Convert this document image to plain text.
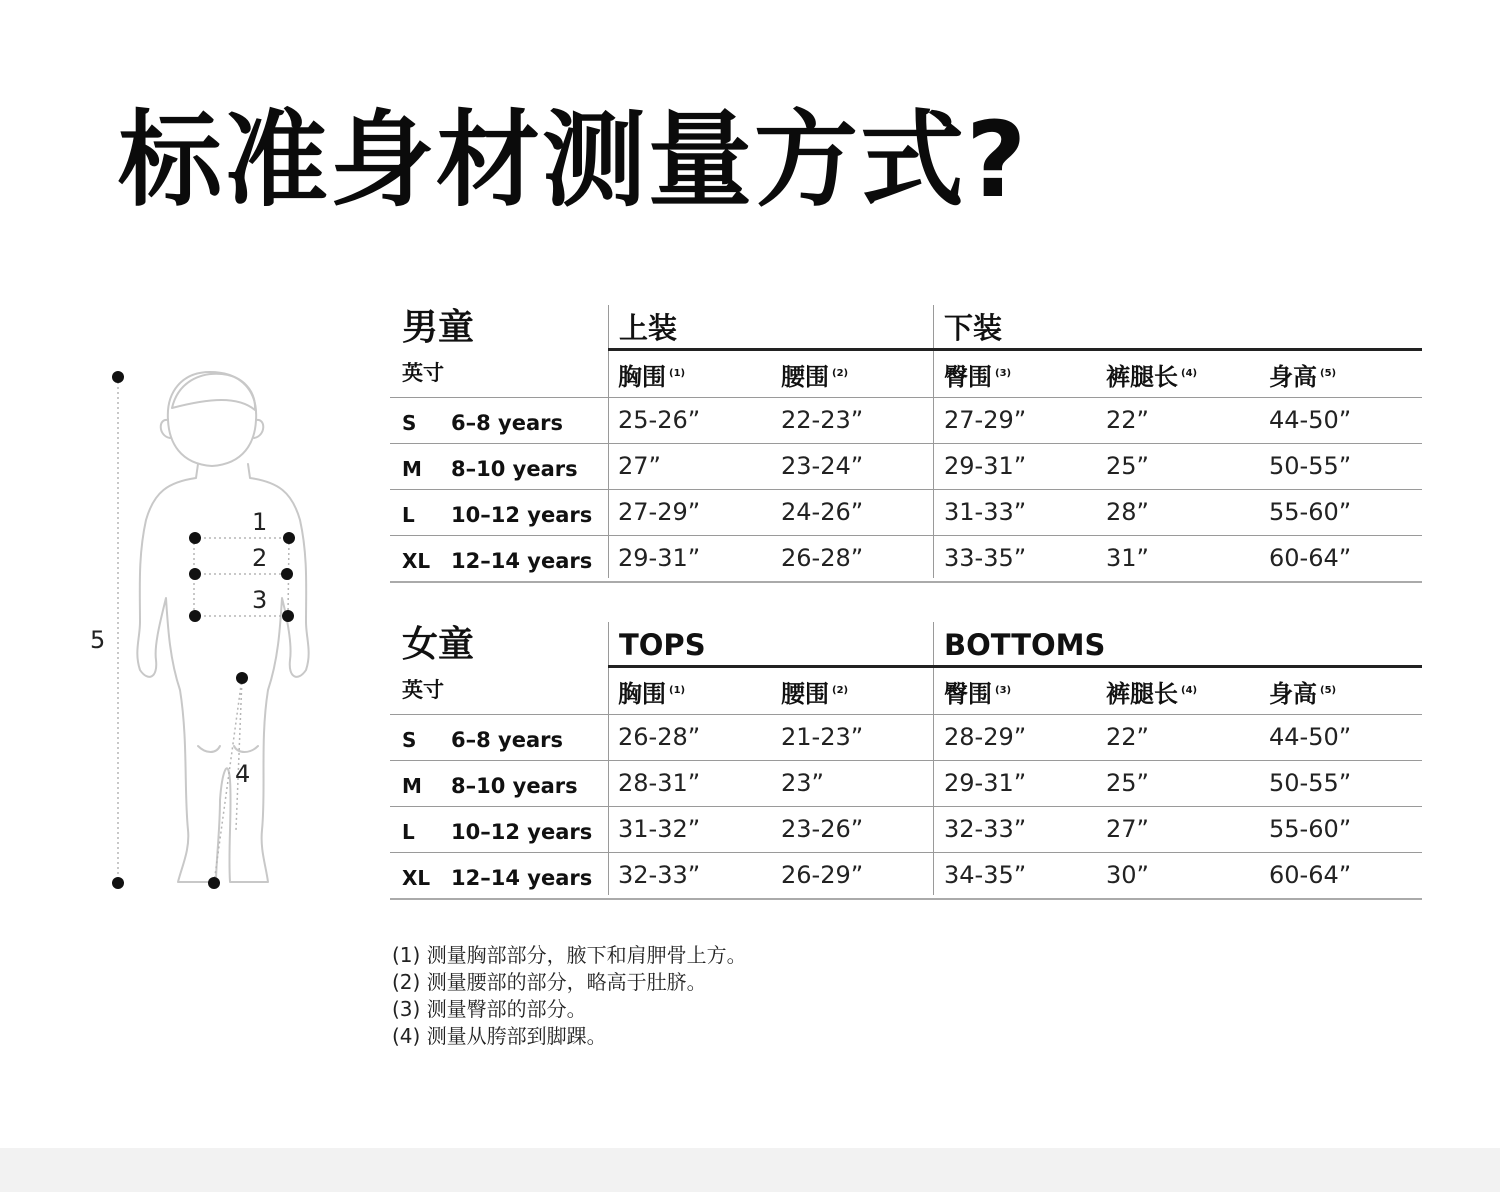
标准身材测量方式?
1
2
3
4
5
男童	上装	下装
英寸	胸围 $^{(1)}$	腰围 $^{(2)}$	臀围 $^{(3)}$	裤腿长 $^{(4)}$	身高 $^{(5)}$
S 6–8 years 25-26”	22-23”	27-29”	22”	44-50”
M 8–10 years 27”	23-24”	29-31”	25”	50-55”
L 10–12 years 27-29”	24-26”	31-33”	28”	55-60”
XL 12–14 years 29-31”	26-28”	33-35”	31”	60-64”
女童	TOPS	BOTTOMS
英寸	胸围 $^{(1)}$	腰围 $^{(2)}$	臀围 $^{(3)}$	裤腿长 $^{(4)}$	身高 $^{(5)}$
S 6–8 years 26-28”	21-23”	28-29”	22”	44-50”
M 8–10 years 28-31”	23”	29-31”	25”	50-55”
L 10–12 years 31-32”	23-26”	32-33”	27”	55-60”
XL 12–14 years 32-33”	26-29”	34-35”	30”	60-64”
(1) 测量胸部部分，腋下和肩胛骨上方。
(2) 测量腰部的部分，略高于肚脐。
(3) 测量臀部的部分。
(4) 测量从胯部到脚踝。
